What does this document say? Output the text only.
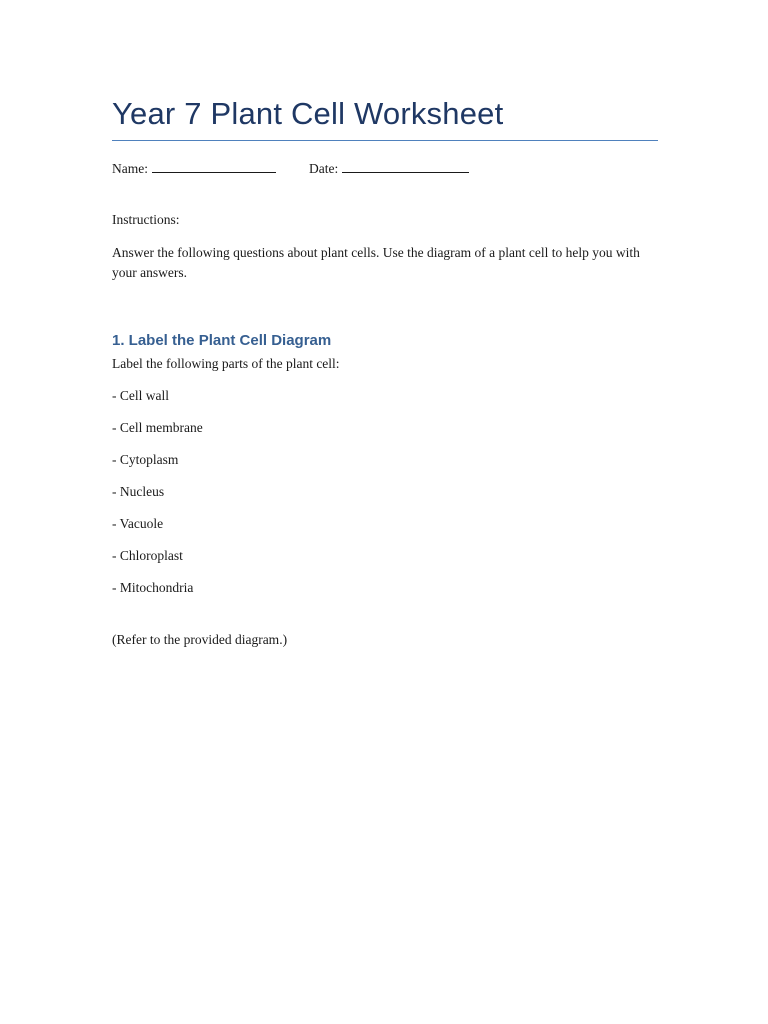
Year 7 Plant Cell Worksheet
Name:	Date:
Instructions:
Answer the following questions about plant cells. Use the diagram of a plant cell to help you with your answers.
1. Label the Plant Cell Diagram
Label the following parts of the plant cell:
- Cell wall
- Cell membrane
- Cytoplasm
- Nucleus
- Vacuole
- Chloroplast
- Mitochondria
(Refer to the provided diagram.)
